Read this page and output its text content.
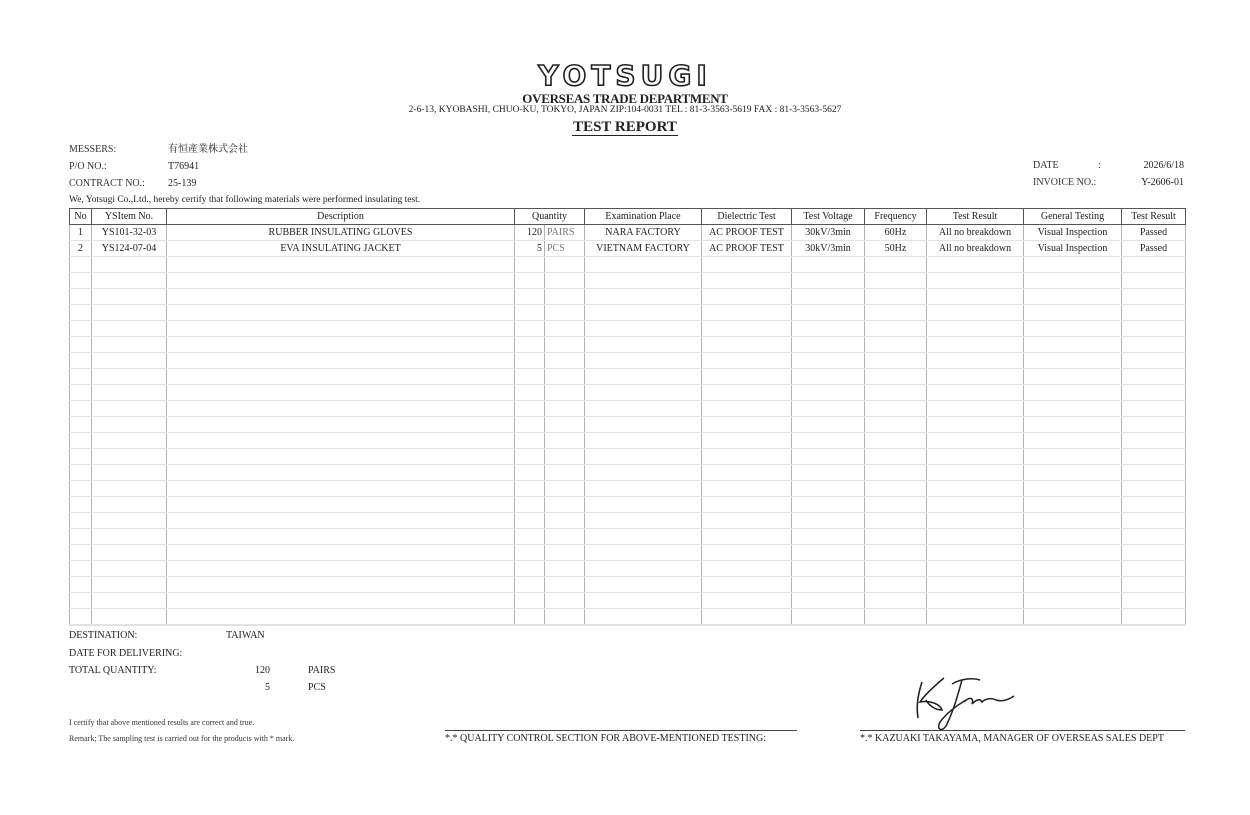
YOTSUGI
OVERSEAS TRADE DEPARTMENT
2-6-13, KYOBASHI, CHUO-KU, TOKYO, JAPAN ZIP:104-0031 TEL : 81-3-3563-5619 FAX : 81-3-3563-5627
TEST REPORT
MESSERS:	有恒產業株式会社
P/O NO.:	T76941
CONTRACT NO.: 25-139
DATE	:	2026/6/18
INVOICE NO.:	Y-2606-01
We, Yotsugi Co.,Ltd., hereby certify that following materials were performed insulating test.
No	YSItem No.	Description	Quantity		Examination Place	Dielectric Test	Test Voltage	Frequency	Test Result	General Testing	Test Result
1	YS101-32-03	RUBBER INSULATING GLOVES	120	PAIRS	NARA FACTORY	AC PROOF TEST	30kV/3min	60Hz	All no breakdown	Visual Inspection	Passed
2	YS124-07-04	EVA INSULATING JACKET	5	PCS	VIETNAM FACTORY	AC PROOF TEST	30kV/3min	50Hz	All no breakdown	Visual Inspection	Passed

DESTINATION:	TAIWAN
DATE FOR DELIVERING:
TOTAL QUANTITY:	120	PAIRS
5	PCS
I certify that above mentioned results are correct and true.
Remark; The sampling test is carried out for the products with * mark.	*.* QUALITY CONTROL SECTION FOR ABOVE-MENTIONED TESTING:	*.* KAZUAKI TAKAYAMA, MANAGER OF OVERSEAS SALES DEPT
